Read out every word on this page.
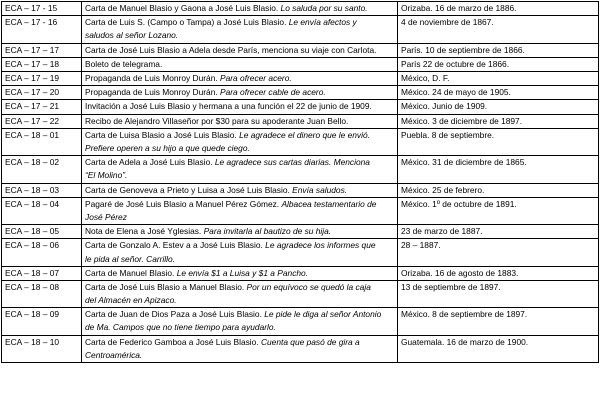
ECA – 17 - 15	Carta de Manuel Blasio y Gaona a José Luis Blasio. Lo saluda por su santo.	Orizaba. 16 de marzo de 1886.
ECA – 17 - 16	Carta de Luis S. (Campo o Tampa) a José Luis Blasio. Le envía afectos y
saludos al señor Lozano.	4 de noviembre de 1867.
ECA – 17 – 17	Carta de José Luis Blasio a Adela desde París, menciona su viaje con Carlota.	París. 10 de septiembre de 1866.
ECA – 17 – 18	Boleto de telegrama.	París 22 de octubre de 1866.
ECA – 17 – 19	Propaganda de Luis Monroy Durán. Para ofrecer acero.	México, D. F.
ECA – 17 – 20	Propaganda de Luis Monroy Durán. Para ofrecer cable de acero.	México. 24 de mayo de 1905.
ECA – 17 – 21	Invitación a José Luis Blasio y hermana a una función el 22 de junio de 1909.	México. Junio de 1909.
ECA – 17 – 22	Recibo de Alejandro Villaseñor por $30 para su apoderante Juan Bello.	México. 3 de diciembre de 1897.
ECA – 18 – 01	Carta de Luisa Blasio a José Luis Blasio. Le agradece el dinero que le envió.
Prefiere operen a su hijo a que quede ciego.	Puebla. 8 de septiembre.
ECA – 18 – 02	Carta de Adela a José Luis Blasio. Le agradece sus cartas diarias. Menciona
“El Molino”.	México. 31 de diciembre de 1865.
ECA – 18 – 03	Carta de Genoveva a Prieto y Luisa a José Luis Blasio. Envía saludos.	México. 25 de febrero.
ECA – 18 – 04	Pagaré de José Luis Blasio a Manuel Pérez Gómez. Albacea testamentario de
José Pérez	México. 1º de octubre de 1891.
ECA – 18 – 05	Nota de Elena a José Yglesias. Para invitarla al bautizo de su hija.	23 de marzo de 1887.
ECA – 18 – 06	Carta de Gonzalo A. Estev a a José Luis Blasio. Le agradece los informes que
le pida al señor. Carrillo.	28 – 1887.
ECA – 18 – 07	Carta de Manuel Blasio. Le envía $1 a Luisa y $1 a Pancho.	Orizaba. 16 de agosto de 1883.
ECA – 18 – 08	Carta de José Luis Blasio a Manuel Blasio. Por un equívoco se quedó la caja
del Almacén en Apizaco.	13 de septiembre de 1897.
ECA – 18 – 09	Carta de Juan de Dios Paza a José Luis Blasio. Le pide le diga al señor Antonio
de Ma. Campos que no tiene tiempo para ayudarlo.	México. 8 de septiembre de 1897.
ECA – 18 – 10	Carta de Federico Gamboa a José Luis Blasio. Cuenta que pasó de gira a
Centroamérica.	Guatemala. 16 de marzo de 1900.
